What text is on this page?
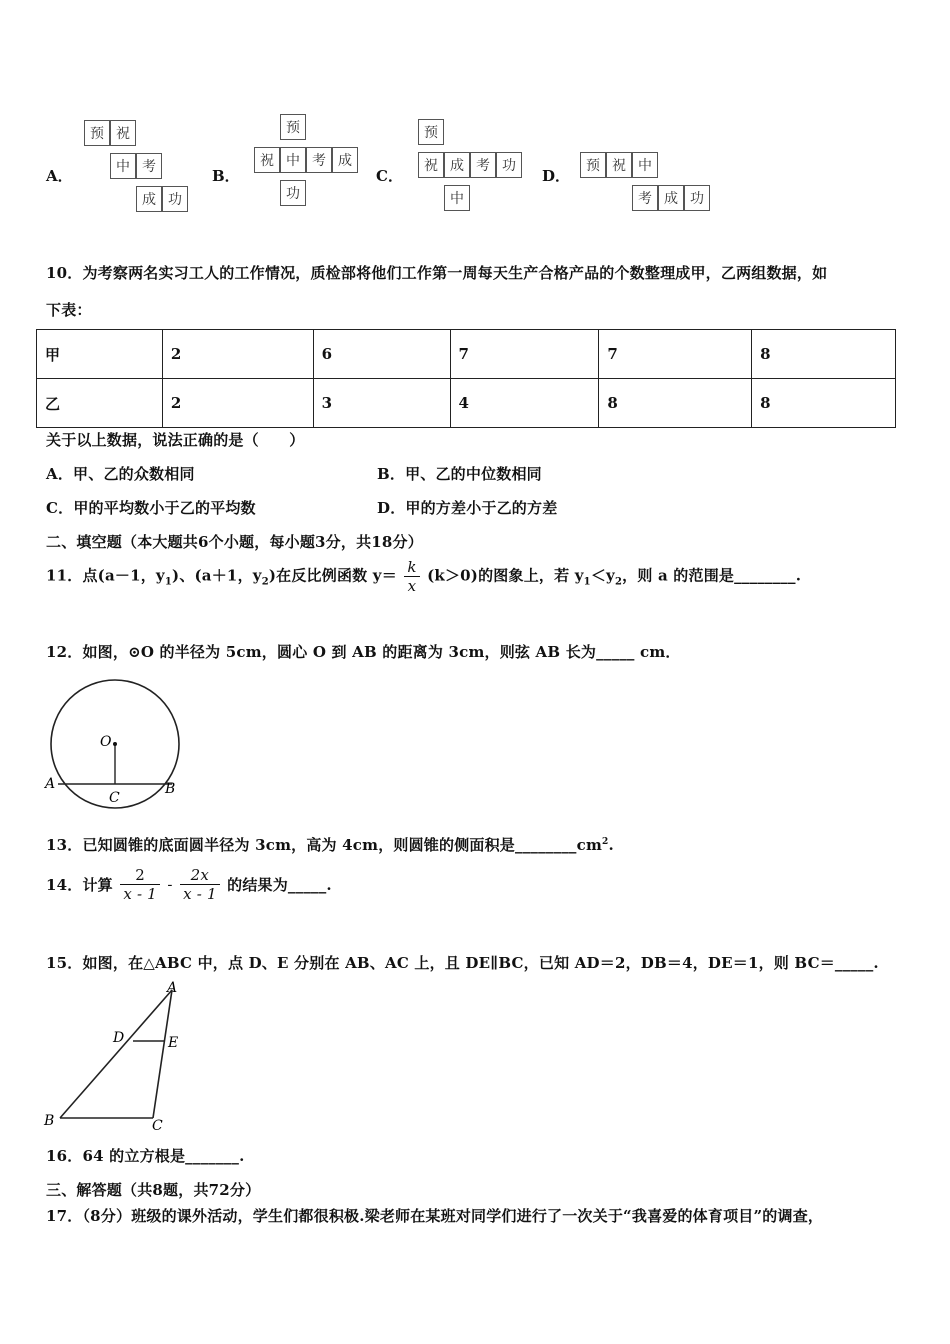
A．
预 祝
中 考
成 功
B．
预
祝 中 考 成
功
C．
预
祝 成 考 功
中
D．
预 祝 中
考 成 功
10．为考察两名实习工人的工作情况，质检部将他们工作第一周每天生产合格产品的个数整理成甲，乙两组数据，如
下表：
甲	2	6	7	7	8
乙	2	3	4	8	8
关于以上数据，说法正确的是（　　）
A．甲、乙的众数相同	B．甲、乙的中位数相同
C．甲的平均数小于乙的平均数	D．甲的方差小于乙的方差
二、填空题（本大题共6个小题，每小题3分，共18分）
11．点(a－1，$y_1$)、(a＋1，$y_2$)在反比例函数 $y= \frac{k}{x} (k>0)$的图象上，若 $y_1<y_2$，则 a 的范围是________.
12．如图，⊙O 的半径为 5cm，圆心 O 到 AB 的距离为 3cm，则弦 AB 长为_____ cm．
O
A	B
C
13．已知圆锥的底面圆半径为 3cm，高为 4cm，则圆锥的侧面积是$\_\_\_\_\_\_\_\_cm^2$.
14．计算 $\frac{2}{x - 1} - \frac{2x}{x - 1}$ 的结果为_____.
15．如图，在△ABC 中，点 D、E 分别在 AB、AC 上，且 DE∥BC，已知 AD＝2，DB＝4，DE＝1，则 BC＝_____.
A
B	C
D	E
16．64 的立方根是_______.
三、解答题（共8题，共72分）
17．（8分）班级的课外活动，学生们都很积极.梁老师在某班对同学们进行了一次关于“我喜爱的体育项目”的调查，
